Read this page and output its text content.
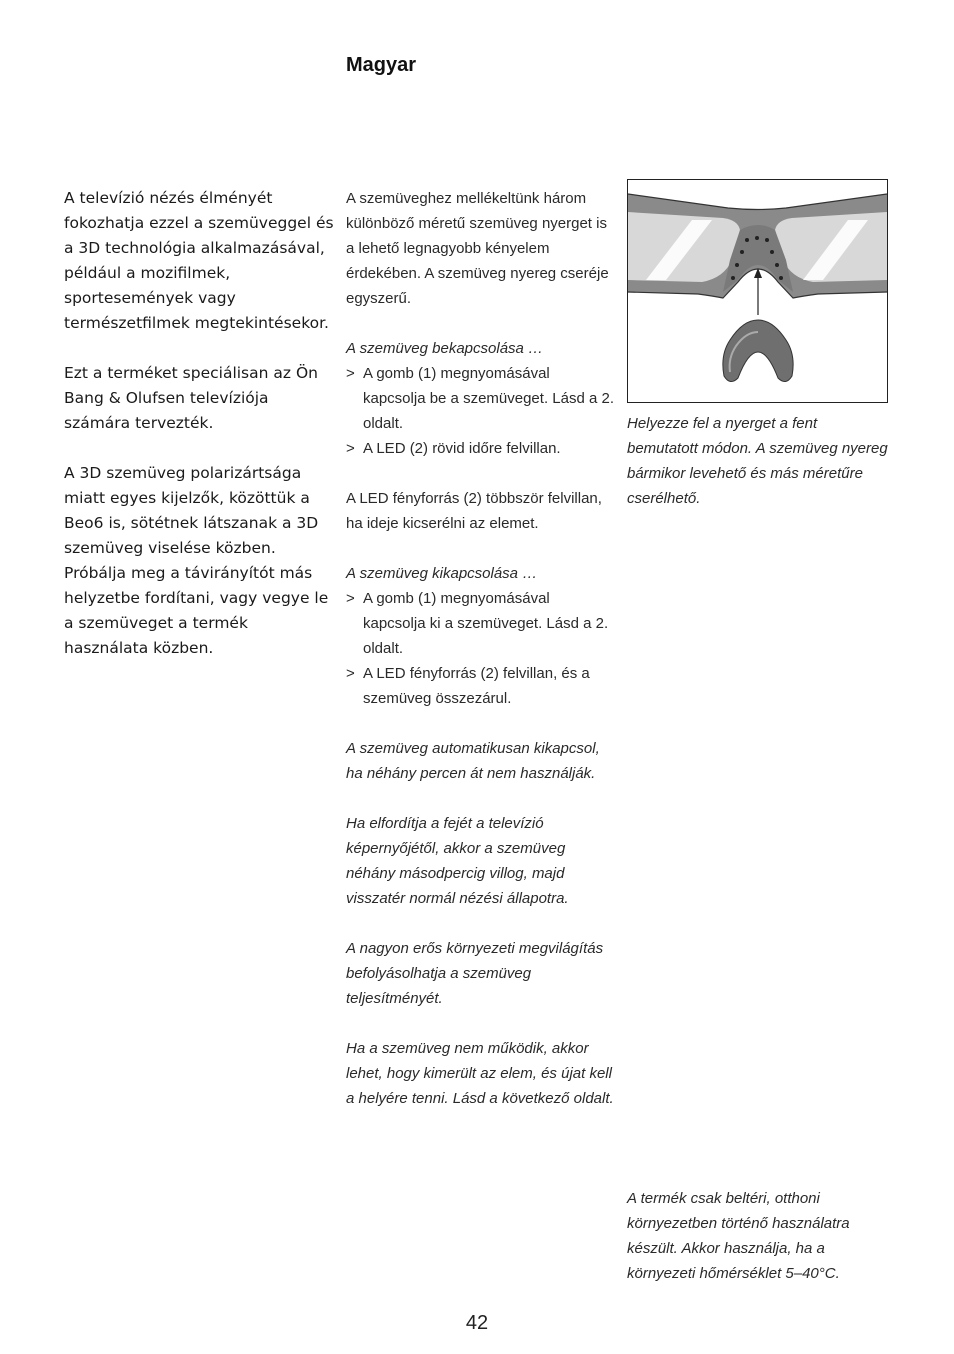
Magyar

A televízió nézés élményét fokozhatja ezzel a szemüveggel és a 3D technológia alkalmazásával, például a mozifilmek, sportesemények vagy természetfilmek megtekintésekor.

Ezt a terméket speciálisan az Ön Bang & Olufsen televíziója számára tervezték.

A 3D szemüveg polarizártsága miatt egyes kijelzők, közöttük a Beo6 is, sötétnek látszanak a 3D szemüveg viselése közben. Próbálja meg a távirányítót más helyzetbe fordítani, vagy vegye le a szemüveget a termék használata közben.

A szemüveghez mellékeltünk három különböző méretű szemüveg nyerget is a lehető legnagyobb kényelem érdekében. A szemüveg nyereg cseréje egyszerű.

A szemüveg bekapcsolása …
> A gomb (1) megnyomásával kapcsolja be a szemüveget. Lásd a 2. oldalt.
> A LED (2) rövid időre felvillan.

A LED fényforrás (2) többször felvillan, ha ideje kicserélni az elemet.

A szemüveg kikapcsolása …
> A gomb (1) megnyomásával kapcsolja ki a szemüveget. Lásd a 2. oldalt.
> A LED fényforrás (2) felvillan, és a szemüveg összezárul.

A szemüveg automatikusan kikapcsol, ha néhány percen át nem használják.

Ha elfordítja a fejét a televízió képernyőjétől, akkor a szemüveg néhány másodpercig villog, majd visszatér normál nézési állapotra.

A nagyon erős környezeti megvilágítás befolyásolhatja a szemüveg teljesítményét.

Ha a szemüveg nem működik, akkor lehet, hogy kimerült az elem, és újat kell a helyére tenni. Lásd a következő oldalt.

Helyezze fel a nyerget a fent bemutatott módon. A szemüveg nyereg bármikor levehető és más méretűre cserélhető.

A termék csak beltéri, otthoni környezetben történő használatra készült. Akkor használja, ha a környezeti hőmérséklet 5–40°C.

42
